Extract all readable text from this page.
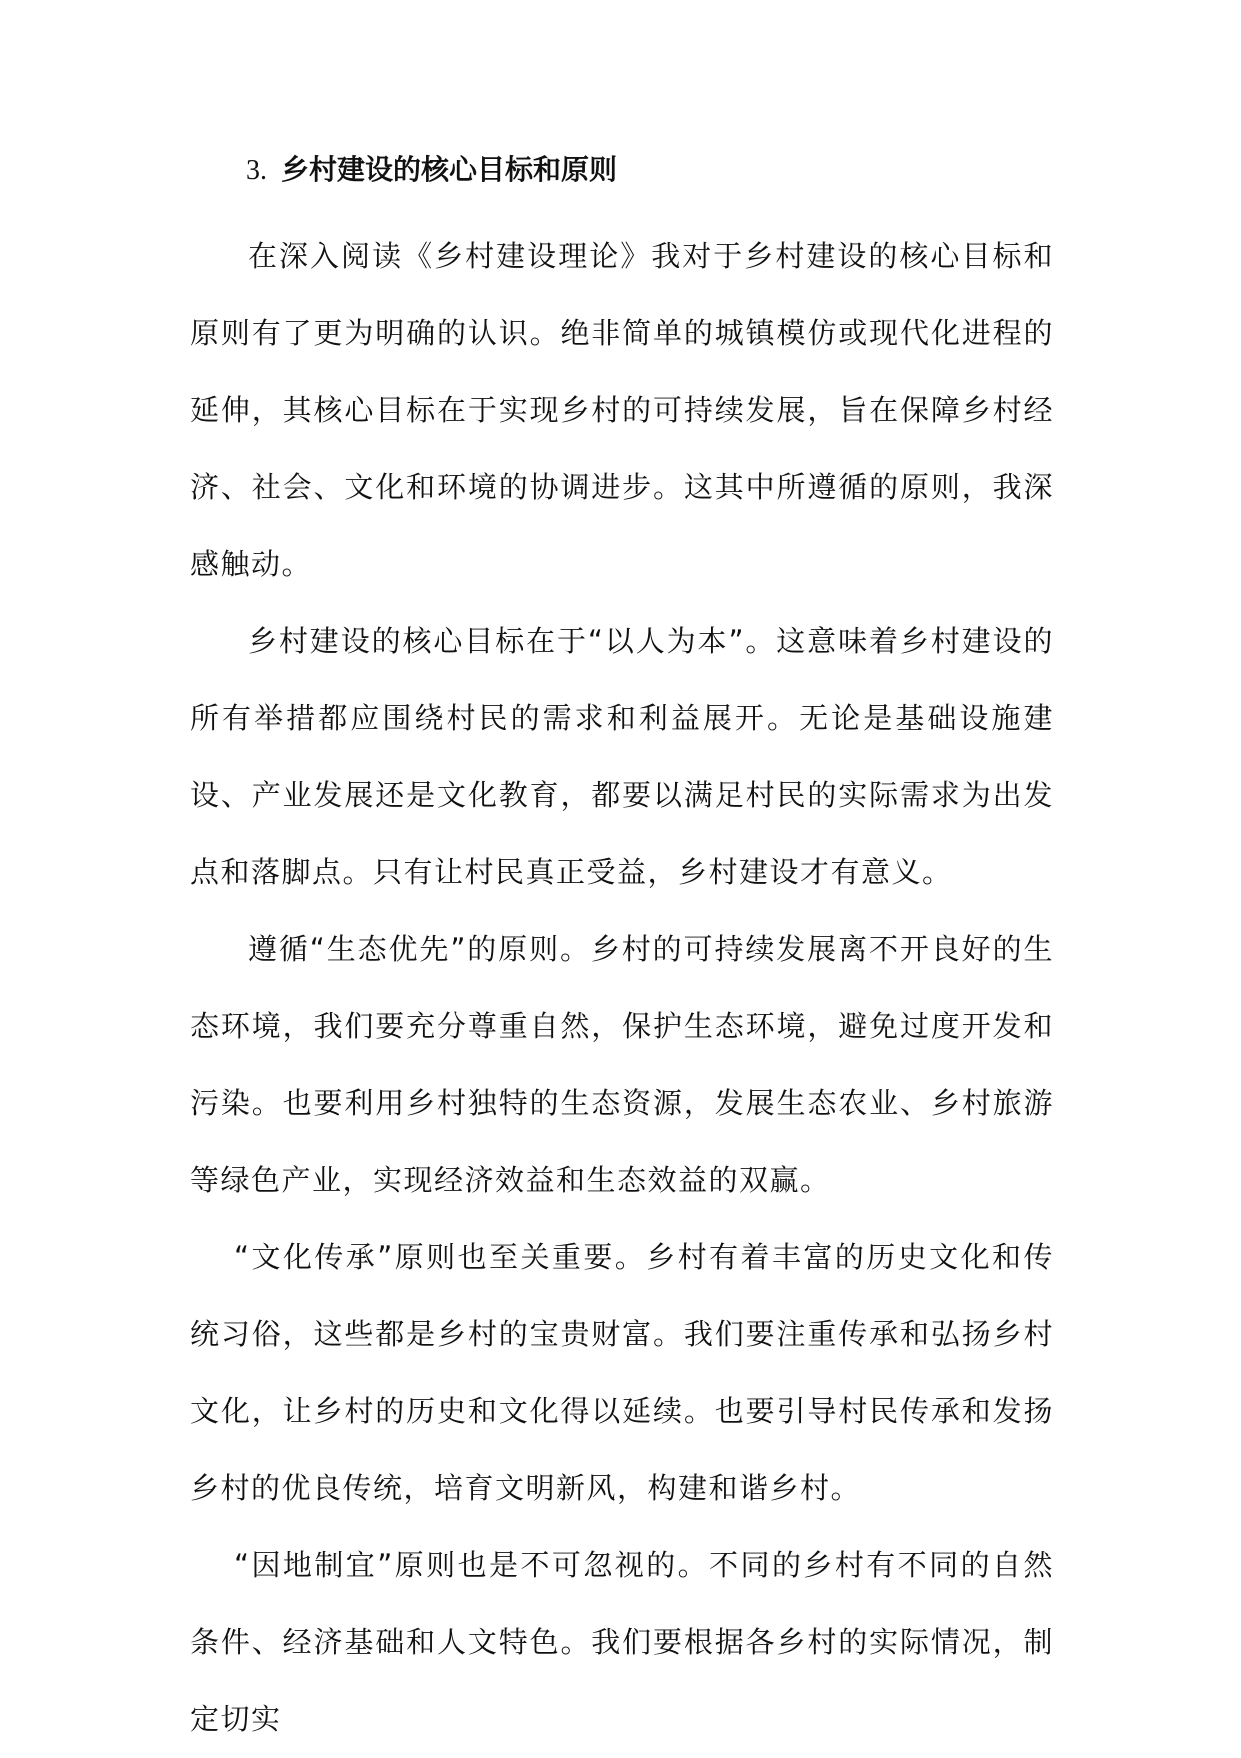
3. 乡村建设的核心目标和原则

在深入阅读《乡村建设理论》我对于乡村建设的核心目标和原则有了更为明确的认识。绝非简单的城镇模仿或现代化进程的延伸，其核心目标在于实现乡村的可持续发展，旨在保障乡村经济、社会、文化和环境的协调进步。这其中所遵循的原则，我深感触动。

乡村建设的核心目标在于“以人为本”。这意味着乡村建设的所有举措都应围绕村民的需求和利益展开。无论是基础设施建设、产业发展还是文化教育，都要以满足村民的实际需求为出发点和落脚点。只有让村民真正受益，乡村建设才有意义。

遵循“生态优先”的原则。乡村的可持续发展离不开良好的生态环境，我们要充分尊重自然，保护生态环境，避免过度开发和污染。也要利用乡村独特的生态资源，发展生态农业、乡村旅游等绿色产业，实现经济效益和生态效益的双赢。

“文化传承”原则也至关重要。乡村有着丰富的历史文化和传统习俗，这些都是乡村的宝贵财富。我们要注重传承和弘扬乡村文化，让乡村的历史和文化得以延续。也要引导村民传承和发扬乡村的优良传统，培育文明新风，构建和谐乡村。

“因地制宜”原则也是不可忽视的。不同的乡村有不同的自然条件、经济基础和人文特色。我们要根据各乡村的实际情况，制定切实
